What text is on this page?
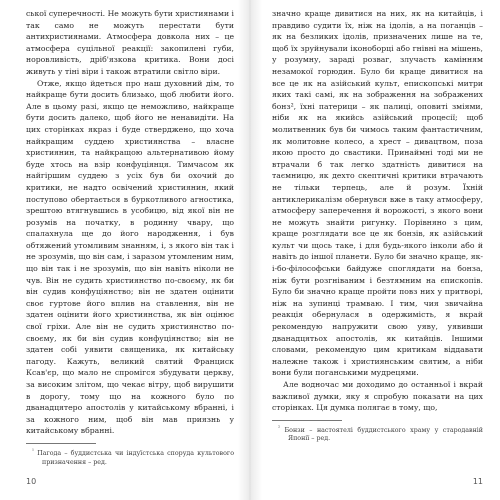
ської суперечності. Не можуть бути християнами і так само не можуть перестати бути антихристиянами. Атмосфера довкола них – це атмосфера суцільної реакції: закопилені губи, норовливість, дріб'язкова критика. Вони досі живуть у тіні віри і також втратили світло віри.

Отже, якщо йдеться про наш духовний дім, то найкраще бути досить близько, щоб любити його. Але в цьому разі, якщо це неможливо, найкраще бути досить далеко, щоб його не ненавидіти. На цих сторінках якраз і буде стверджено, що хоча найкращим суддею християнства – власне християнин, та найкращою альтернативою йому буде хтось на взір конфуціянця. Тимчасом як найгіршим суддею з усіх був би охочий до критики, не надто освічений християнин, який поступово обертається в буркотливого агностика, зрештою втягнувшись в усобицю, від якої він не розумів на початку, в родинну чвару, що спалахнула ще до його народження, і був обтяжений утомливим знанням, і, з якого він так і не зрозумів, що він сам, і заразом утомленим ним, що він так і не зрозумів, що він навіть ніколи не чув. Він не судить християнство по-своєму, як би він судив конфуціянство; він не здатен оцінити своє гуртове його вплив на ставлення, він не здатен оцінити його християнства, як він оцінює свої гріхи. Але він не судить християнство по-своєму, як би він судив конфуціянство; він не здатен собі уявити священика, як китайську пагоду. Кажуть, великий святий Франциск Ксав'єр, що мало не спромігся збудувати церкву, за високим злітом, що чекає вітру, щоб вирушити в дорогу, тому що на кожного було по дванадцятеро апостолів у китайському вбранні, і за кожного ним, щоб він мав приязнь у китайському вбранні.

$^{^1}$ Пагода – буддистська чи індуїстська споруда культового призначення – ред.

10

значно краще дивитися на них, як на китайців, і правдиво судити їх, ніж на ідолів, а на поганців – як на безликих ідолів, призначених лише на те, щоб їх зруйнували іконоборці або гнівні на мішень, у розумну, зараді розваг, злучасть камінням незамокої горюдин. Було би краще дивитися на все це як на азійський культ, епископські митри яких такі самі, як на зображення на зображених бонз², їхні патерици – як палиці, оповиті зміями, ніби як на якийсь азійський процесії; щоб молитвенник був би чимось таким фантастичним, як молитовне колесо, а хрест – дивацтвом, поза якою просто до свастики. Принаймні тоді ми не втрачали б так легко здатність дивитися на таємницю, як дехто скептичні критики втрачають не тільки терпець, але й розум. Їхній антиклерикалізм обернувся вже в таку атмосферу, атмосферу заперечення й ворожості, з якого вони не можуть знайти ригунку. Порівняно з цим, краще розглядати все це як бонзів, як азійський культ чи щось таке, і для будь-якого інколи або й навіть до іншої планети. Було би значно краще, як-і-бо-філософськи байдуже споглядати на бонза, ніж бути розгніваним і безтямним на єпископів. Було би значно краще пройти повз них у притворі, ніж на зупинці трамваю. І тим, чия звичайна реакція обернулася в одержимість, я вкрай рекомендую напружити свою уяву, уявивши дванадцятьох апостолів, як китайців. Іншими словами, рекомендую цим критикам віддавати належне також і християнським святим, а ніби вони були поганськими мудрецями.

Але водночас ми доходимо до останньої і вкрай важливої думки, яку я спробую показати на цих сторінках. Ця думка полягає в тому, що,

$^{^2}$ Бонзи – настоятелі буддистського храму у стародавній Японії – ред.

11
